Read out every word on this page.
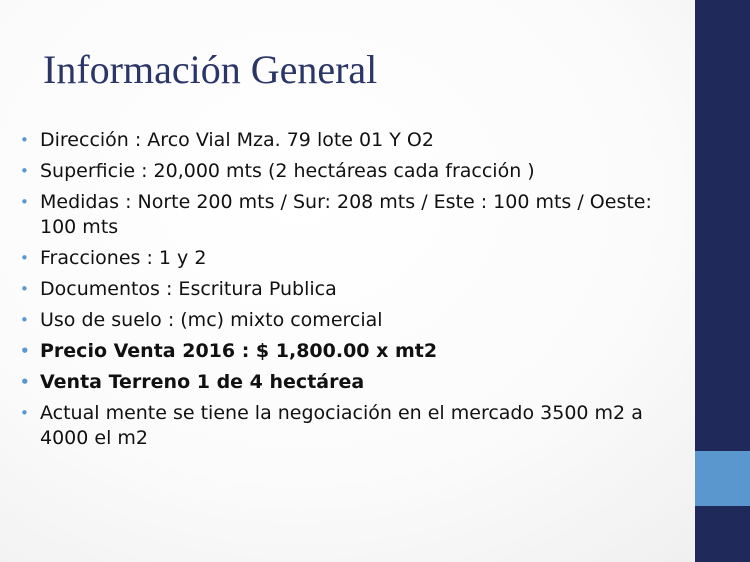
Información General
• Dirección : Arco Vial Mza. 79 lote 01 Y O2
• Superficie : 20,000 mts (2 hectáreas cada fracción )
• Medidas : Norte 200 mts / Sur: 208 mts / Este : 100 mts / Oeste: 100 mts
• Fracciones : 1 y 2
• Documentos : Escritura Publica
• Uso de suelo : (mc) mixto comercial
• Precio Venta 2016 : $ 1,800.00 x mt2
• Venta Terreno 1 de 4 hectárea
• Actual mente se tiene la negociación en el mercado 3500 m2 a 4000 el m2
